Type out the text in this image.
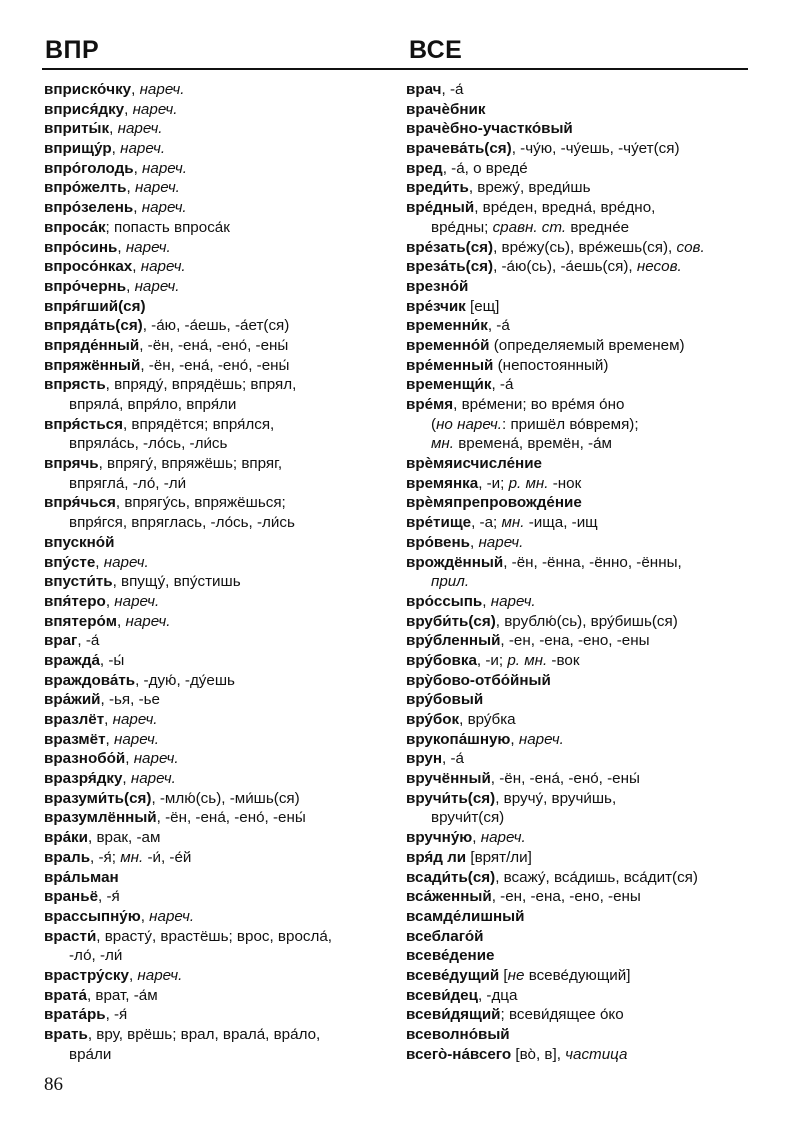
ВПР	ВСЕ
вприско́чку, нареч.
вприся́дку, нареч.
вприты́к, нареч.
вприщу́р, нареч.
впро́голодь, нареч.
впро́желть, нареч.
впро́зелень, нареч.
впроса́к; попасть впроса́к
впро́синь, нареч.
впросо́нках, нареч.
впро́чернь, нареч.
впря́гший(ся)
впряда́ть(ся), -а́ю, -а́ешь, -а́ет(ся)
впряде́нный, -ён, -ена́, -ено́, -ены́
впряжённый, -ён, -ена́, -ено́, -ены́
впрясть, впряду́, впрядёшь; впрял,
впряла́, впря́ло, впря́ли
впря́сться, впрядётся; впря́лся,
впряла́сь, -ло́сь, -ли́сь
впрячь, впрягу́, впряжёшь; впряг,
впрягла́, -ло́, -ли́
впря́чься, впрягу́сь, впряжёшься;
впря́гся, впряглась, -ло́сь, -ли́сь
впускно́й
впу́сте, нареч.
впусти́ть, впущу́, впу́стишь
впя́теро, нареч.
впятеро́м, нареч.
враг, -а́
вражда́, -ы́
враждова́ть, -дую́, -ду́ешь
вра́жий, -ья, -ье
вразлёт, нареч.
вразмёт, нареч.
вразнобо́й, нареч.
вразря́дку, нареч.
вразуми́ть(ся), -млю́(сь), -ми́шь(ся)
вразумлённый, -ён, -ена́, -ено́, -ены́
вра́ки, врак, -ам
враль, -я́; мн. -и́, -е́й
вра́льман
враньё, -я́
врассыпну́ю, нареч.
врасти́, врасту́, врастёшь; врос, вросла́,
-ло́, -ли́
врастру́ску, нареч.
врата́, врат, -а́м
врата́рь, -я́
врать, вру, врёшь; врал, врала́, вра́ло,
вра́ли
врач, -а́
врачѐбник
врачѐбно-участко́вый
врачева́ть(ся), -чу́ю, -чу́ешь, -чу́ет(ся)
вред, -а́, о вреде́
вреди́ть, врежу́, вреди́шь
вре́дный, вре́ден, вредна́, вре́дно,
вре́дны; сравн. ст. вредне́е
вре́зать(ся), вре́жу(сь), вре́жешь(ся), сов.
вреза́ть(ся), -а́ю(сь), -а́ешь(ся), несов.
врезно́й
вре́зчик [ещ]
временни́к, -а́
временно́й (определяемый временем)
вре́менный (непостоянный)
временщи́к, -а́
вре́мя, вре́мени; во вре́мя о́но
(но нареч.: пришёл во́время);
мн. времена́, времён, -а́м
врѐмяисчисле́ние
времянка, -и; р. мн. -нок
врѐмяпрепровожде́ние
вре́тище, -а; мн. -ища, -ищ
вро́вень, нареч.
врождённый, -ён, -ённа, -ённо, -ённы,
прил.
вро́ссыпь, нареч.
вруби́ть(ся), врублю́(сь), вру́бишь(ся)
вру́бленный, -ен, -ена, -ено, -ены
вру́бовка, -и; р. мн. -вок
вру̀бово-отбо́йный
вру́бовый
вру́бок, вру́бка
врукопа́шную, нареч.
врун, -а́
вручённый, -ён, -ена́, -ено́, -ены́
вручи́ть(ся), вручу́, вручи́шь,
вручи́т(ся)
вручну́ю, нареч.
вря́д ли [врят/ли]
всади́ть(ся), всажу́, вса́дишь, вса́дит(ся)
вса́женный, -ен, -ена, -ено, -ены
всамде́лишный
всеблаго́й
всеве́дение
всеве́дущий [не всеве́дующий]
всеви́дец, -дца
всеви́дящий; всеви́дящее о́ко
всеволно́вый
всего̀-на́всего [во̀, в], частица
86
